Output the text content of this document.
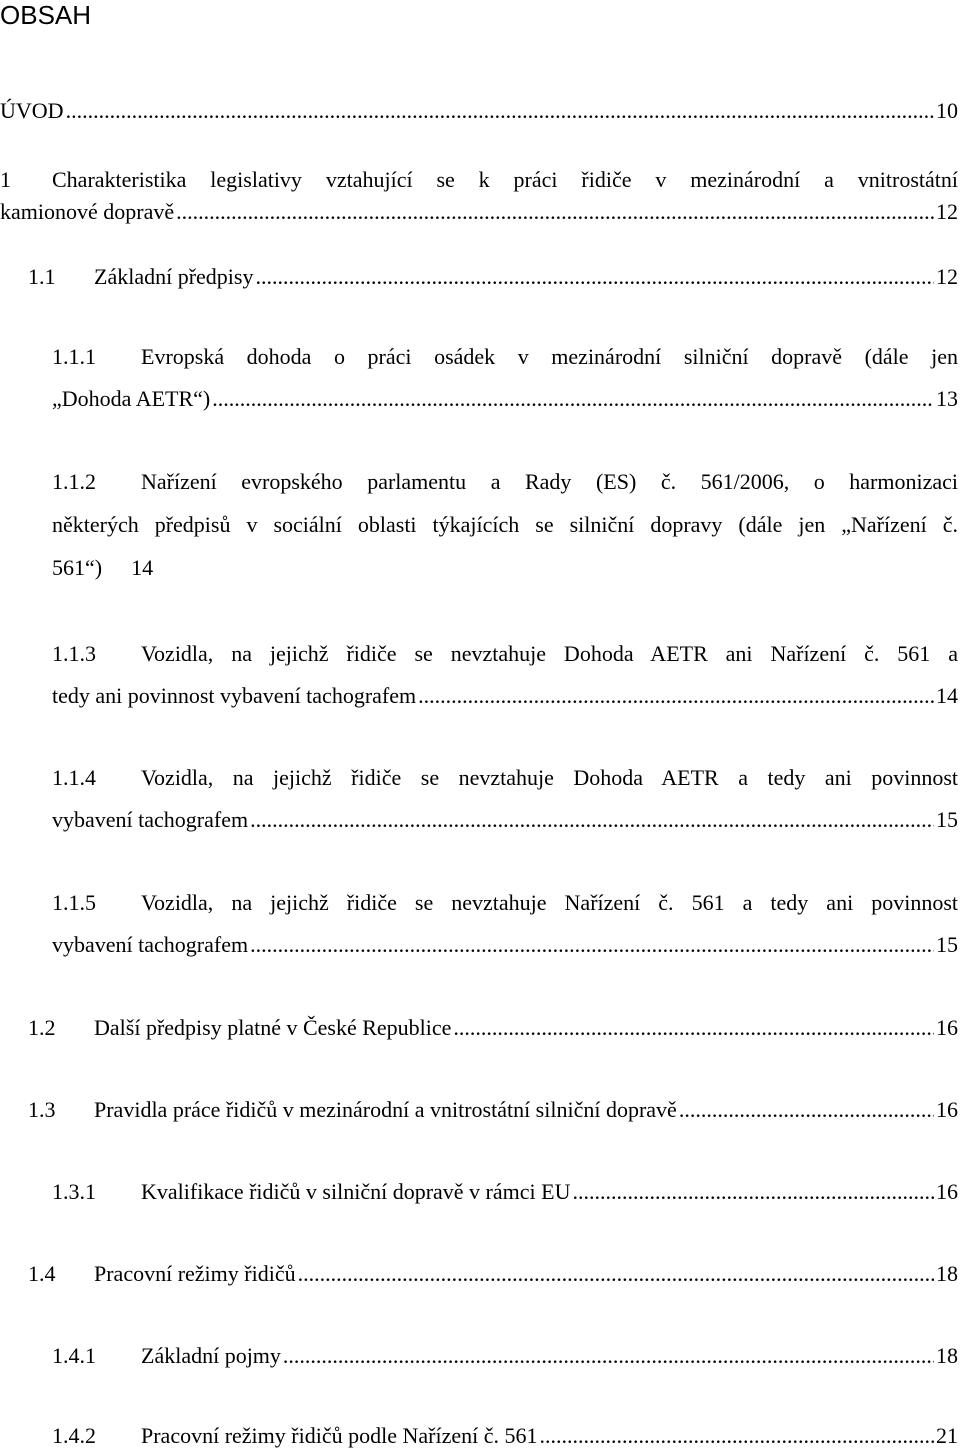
OBSAH
ÚVOD .....	10
1 Charakteristika legislativy vztahující se k práci řidiče v mezinárodní a vnitrostátní
kamionové dopravě .....	12
1.1 Základní předpisy .....	12
1.1.1 Evropská dohoda o práci osádek v mezinárodní silniční dopravě (dále jen
„Dohoda AETR“) .....	13
1.1.2 Nařízení evropského parlamentu a Rady (ES) č. 561/2006, o harmonizaci
některých předpisů v sociální oblasti týkajících se silniční dopravy (dále jen „Nařízení č.
561“) 14
1.1.3 Vozidla, na jejichž řidiče se nevztahuje Dohoda AETR ani Nařízení č. 561 a
tedy ani povinnost vybavení tachografem .....	14
1.1.4 Vozidla, na jejichž řidiče se nevztahuje Dohoda AETR a tedy ani povinnost
vybavení tachografem .....	15
1.1.5 Vozidla, na jejichž řidiče se nevztahuje Nařízení č. 561 a tedy ani povinnost
vybavení tachografem .....	15
1.2 Další předpisy platné v České Republice .....	16
1.3 Pravidla práce řidičů v mezinárodní a vnitrostátní silniční dopravě .....	16
1.3.1 Kvalifikace řidičů v silniční dopravě v rámci EU .....	16
1.4 Pracovní režimy řidičů .....	18
1.4.1 Základní pojmy .....	18
1.4.2 Pracovní režimy řidičů podle Nařízení č. 561 .....	21
